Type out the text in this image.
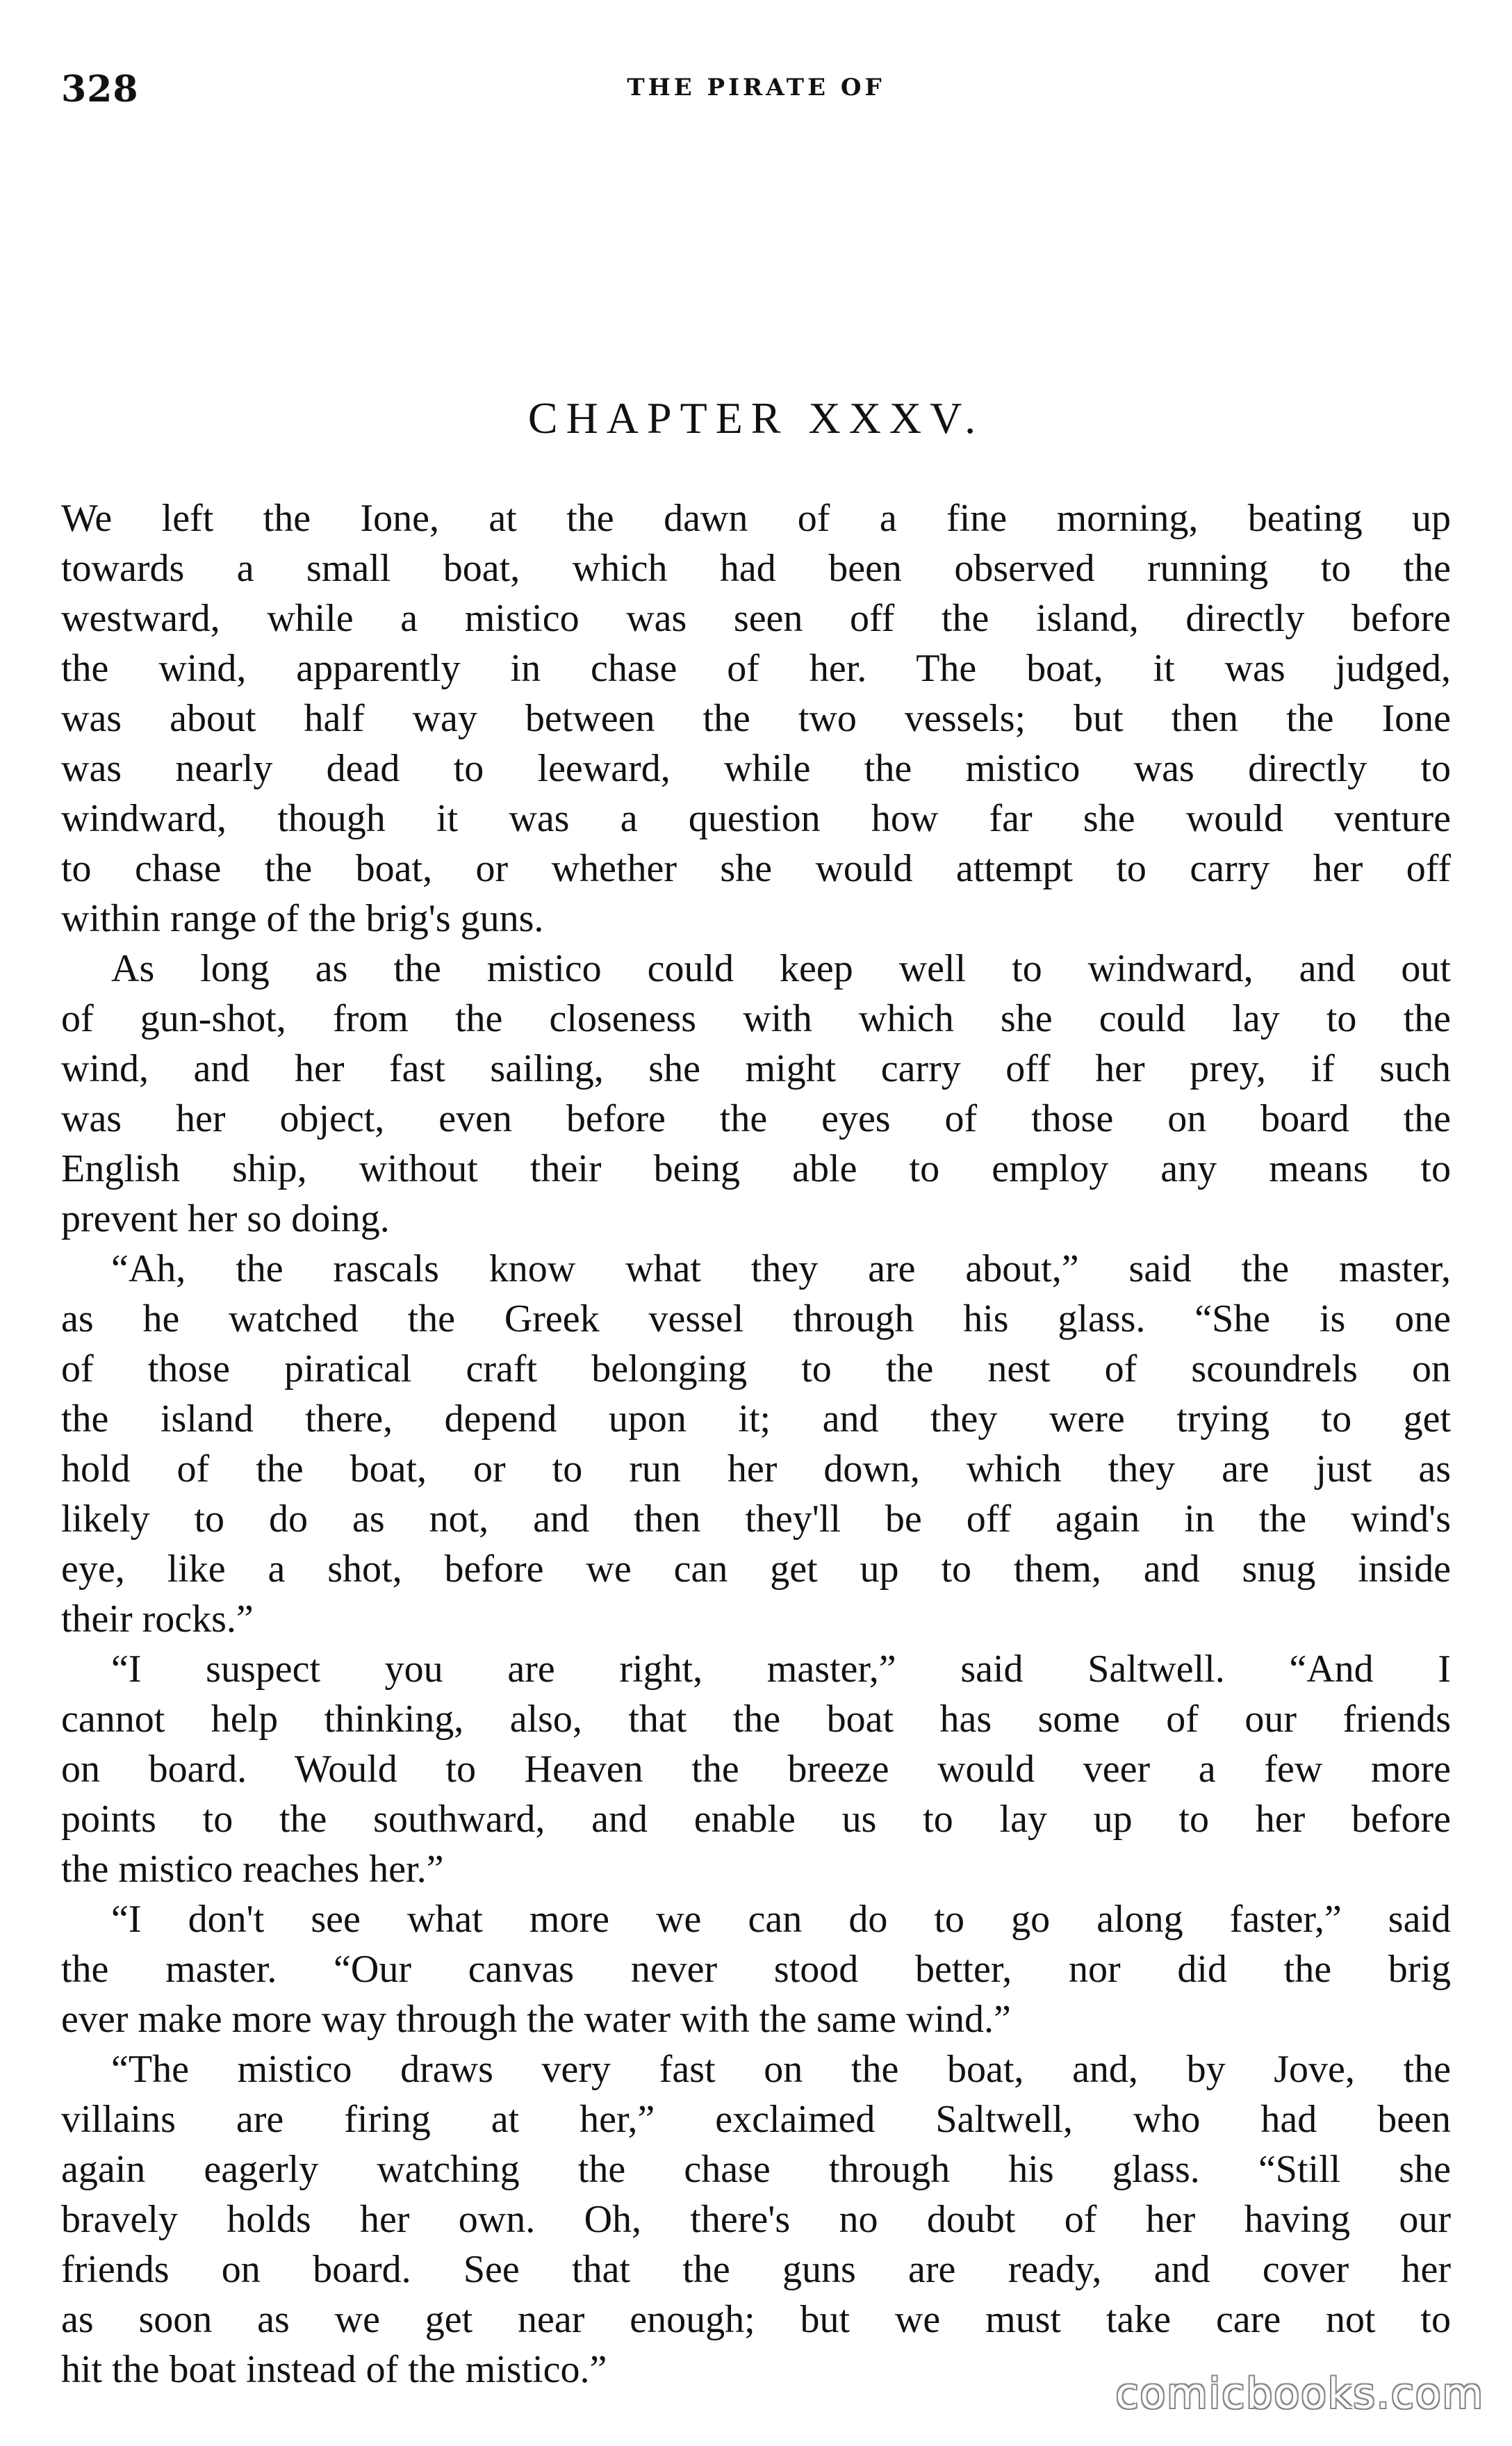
328	THE PIRATE OF
CHAPTER XXXV.
We left the Ione, at the dawn of a fine morning, beating up
towards a small boat, which had been observed running to the
westward, while a mistico was seen off the island, directly before
the wind, apparently in chase of her. The boat, it was judged,
was about half way between the two vessels; but then the Ione
was nearly dead to leeward, while the mistico was directly to
windward, though it was a question how far she would venture
to chase the boat, or whether she would attempt to carry her off
within range of the brig's guns.
As long as the mistico could keep well to windward, and out
of gun-shot, from the closeness with which she could lay to the
wind, and her fast sailing, she might carry off her prey, if such
was her object, even before the eyes of those on board the
English ship, without their being able to employ any means to
prevent her so doing.
“Ah, the rascals know what they are about,” said the master,
as he watched the Greek vessel through his glass. “She is one
of those piratical craft belonging to the nest of scoundrels on
the island there, depend upon it; and they were trying to get
hold of the boat, or to run her down, which they are just as
likely to do as not, and then they'll be off again in the wind's
eye, like a shot, before we can get up to them, and snug inside
their rocks.”
“I suspect you are right, master,” said Saltwell. “And I
cannot help thinking, also, that the boat has some of our friends
on board. Would to Heaven the breeze would veer a few more
points to the southward, and enable us to lay up to her before
the mistico reaches her.”
“I don't see what more we can do to go along faster,” said
the master. “Our canvas never stood better, nor did the brig
ever make more way through the water with the same wind.”
“The mistico draws very fast on the boat, and, by Jove, the
villains are firing at her,” exclaimed Saltwell, who had been
again eagerly watching the chase through his glass. “Still she
bravely holds her own. Oh, there's no doubt of her having our
friends on board. See that the guns are ready, and cover her
as soon as we get near enough; but we must take care not to
hit the boat instead of the mistico.”	comicbooks.com
